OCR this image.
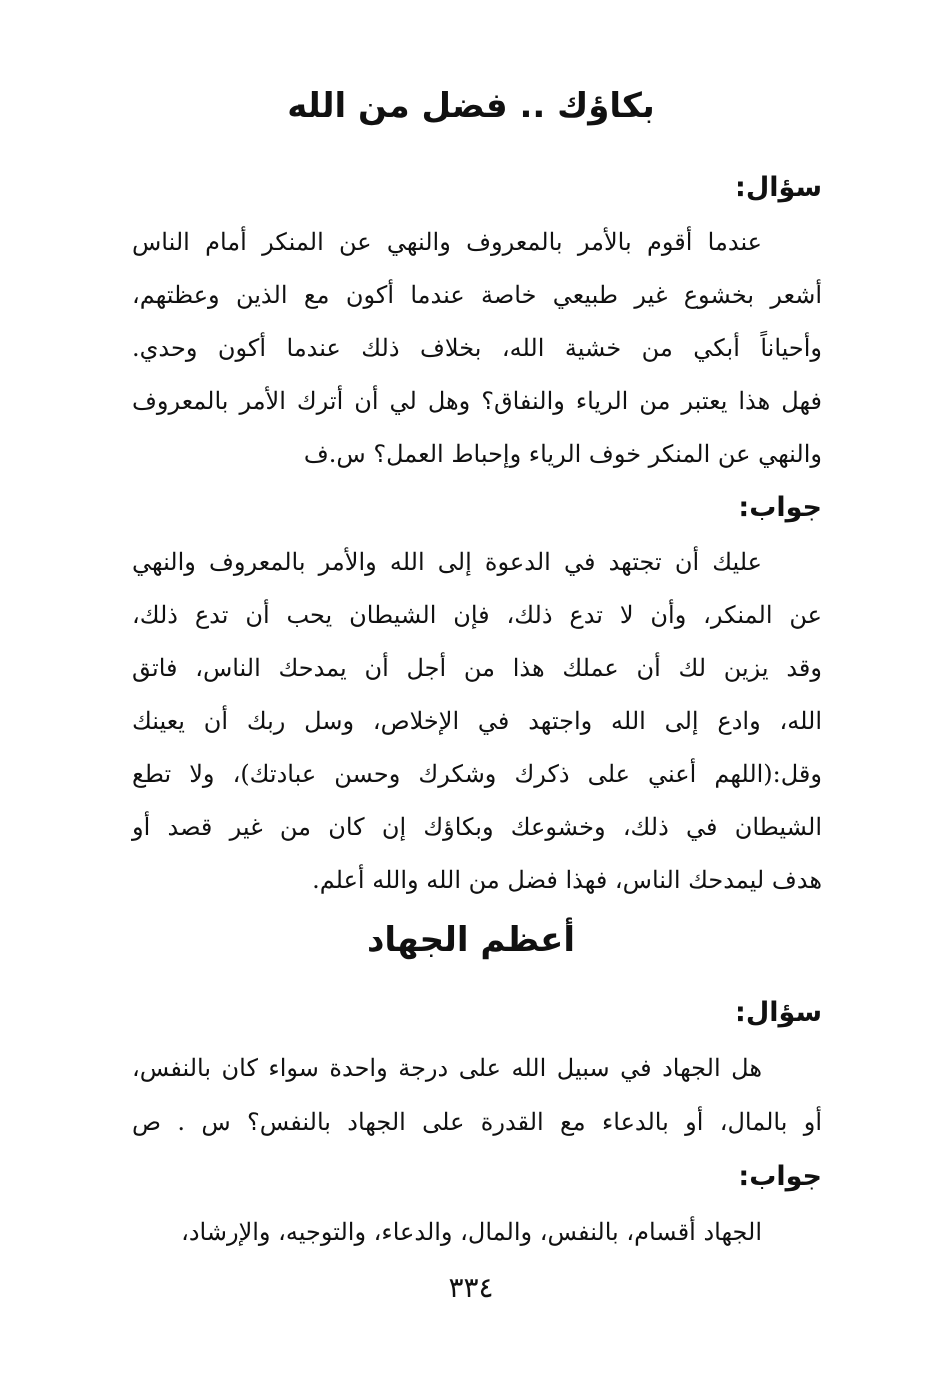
بكاؤك .. فضل من الله
سؤال:
عندما أقوم بالأمر بالمعروف والنهي عن المنكر أمام الناس
أشعر بخشوع غير طبيعي خاصة عندما أكون مع الذين وعظتهم،
وأحياناً أبكي من خشية الله، بخلاف ذلك عندما أكون وحدي.
فهل هذا يعتبر من الرياء والنفاق؟ وهل لي أن أترك الأمر بالمعروف
والنهي عن المنكر خوف الرياء وإحباط العمل؟ س.ف
جواب:
عليك أن تجتهد في الدعوة إلى الله والأمر بالمعروف والنهي
عن المنكر، وأن لا تدع ذلك، فإن الشيطان يحب أن تدع ذلك،
وقد يزين لك أن عملك هذا من أجل أن يمدحك الناس، فاتق
الله، وادع إلى الله واجتهد في الإخلاص، وسل ربك أن يعينك
وقل:(اللهم أعني على ذكرك وشكرك وحسن عبادتك)، ولا تطع
الشيطان في ذلك، وخشوعك وبكاؤك إن كان من غير قصد أو
هدف ليمدحك الناس، فهذا فضل من الله والله أعلم.
أعظم الجهاد
سؤال:
هل الجهاد في سبيل الله على درجة واحدة سواء كان بالنفس،
أو بالمال، أو بالدعاء مع القدرة على الجهاد بالنفس؟ س . ص
جواب:
الجهاد أقسام، بالنفس، والمال، والدعاء، والتوجيه، والإرشاد،
٣٣٤
